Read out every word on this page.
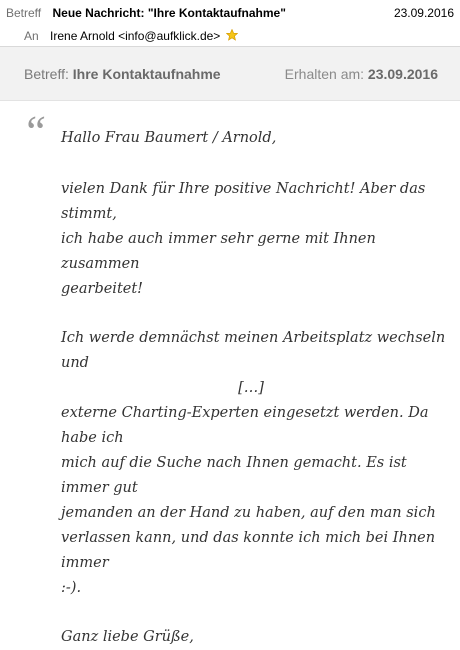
Betreff Neue Nachricht: "Ihre Kontaktaufnahme"	23.09.2016
An Irene Arnold <info@aufklick.de>
Betreff: Ihre Kontaktaufnahme	Erhalten am: 23.09.2016
“ Hallo Frau Baumert / Arnold,

vielen Dank für Ihre positive Nachricht! Aber das stimmt,

ich habe auch immer sehr gerne mit Ihnen zusammen

gearbeitet!

Ich werde demnächst meinen Arbeitsplatz wechseln und

[…]

externe Charting-Experten eingesetzt werden. Da habe ich

mich auf die Suche nach Ihnen gemacht. Es ist immer gut

jemanden an der Hand zu haben, auf den man sich

verlassen kann, und das konnte ich mich bei Ihnen immer

:-).

Ganz liebe Grüße,
